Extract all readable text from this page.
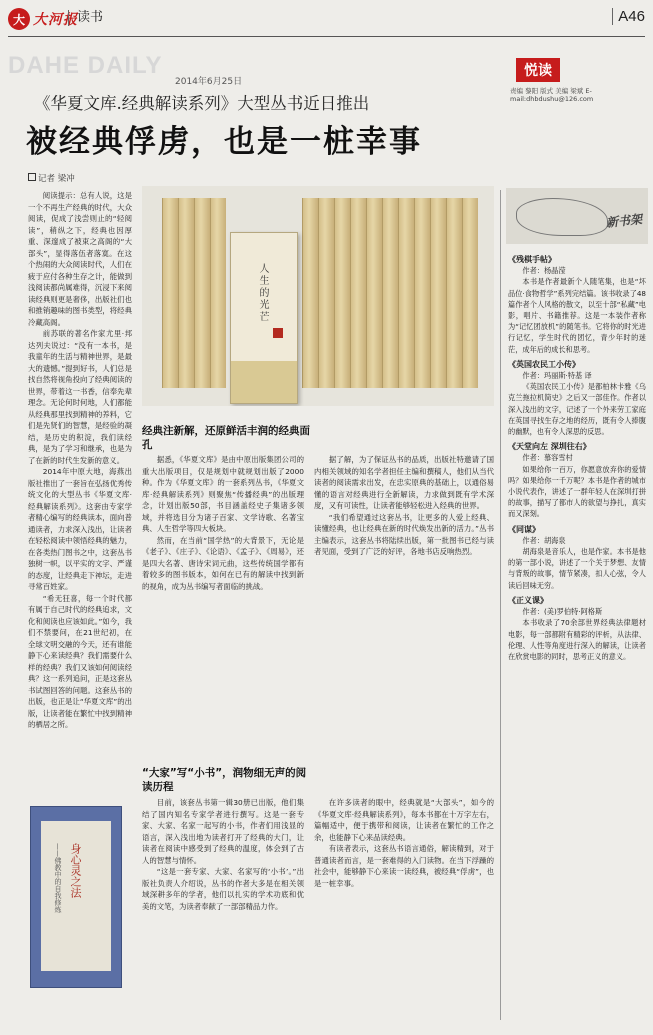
大 大河报 读书	A46
DAHE DAILY
2014年6月25日
悦读
责编 黎阳 版式 美编 梁斌 E-mail:dhbdushu@126.com
《华夏文库.经典解读系列》大型丛书近日推出
被经典俘虏，也是一桩幸事
记者 梁冲

阅读提示：总有人说，这是一个不再生产经典的时代，大众阅读，促成了浅尝则止的“轻阅读”，稍纵之下，经典也因厚重、深邃成了被束之高阁的“大部头”，显得落伍者落寞。在这个热闹的大众阅读时代，人们在疲于应付各种生存之计，能做到浅阅读都尚属难得，沉浸下来阅读经典则更是奢侈，出版社们也和推销趣味的图书类型，将经典冷藏高阁。

前苏联的著名作家尤里·邦达列夫说过：“没有一本书，是我童年的生活与精神世界，是最大的遗憾。”提到好书，人们总是找自然将视角投向了经典阅读的世界，带着这一书香，信奉先辈理念。无论何时何地，人们都能从经典那里找到精神的养料，它们是先贤们的智慧，是经验的凝结，是历史的积淀，我们读经典，是为了学习和继承，也是为了在新的时代生发新的意义。

2014年中原大地，海燕出版社推出了一套旨在弘扬优秀传统文化的大型丛书《华夏文库·经典解读系列》。这套由专家学者精心编写的经典读本，面向普通读者，力求深入浅出，让读者在轻松阅读中领悟经典的魅力，在各类热门图书之中，这套丛书独树一帜，以平实的文字、严谨的态度，让经典走下神坛，走进寻常百姓家。

“希无狂喜，每一个时代都有属于自己时代的经典追求，文化和阅读也应该如此。”如今，我们不禁要问，在21世纪初，在全球文明交融的今天，还有谁能静下心来读经典？我们需要什么样的经典？我们又该如何阅读经典？这一系列追问，正是这套丛书试图回答的问题。这套丛书的出版，也正是让“华夏文库”的出版，让读者能在繁忙中找到精神的栖居之所。

人生的光芒
经典注新解，还原鲜活丰润的经典面孔

据悉，《华夏文库》是由中原出版集团公司的重大出版项目，仅是规划中就规划出版了2000种。作为《华夏文库》的一套系列丛书，《华夏文库·经典解读系列》则聚焦“传播经典”的出版理念，计划出版50部，书目涵盖经史子集诸多领域，并将选目分为诸子百家、文学诗歌、名著宝典、人生哲学等四大板块。

然而，在当前“国学热”的大背景下，无论是《老子》、《庄子》、《论语》、《孟子》、《周易》，还是四大名著、唐诗宋词元曲，这些传统国学都有着较多的图书版本，如何在已有的解读中找到新的视角，成为丛书编写者面临的挑战。

据了解，为了保证丛书的品质，出版社特邀请了国内相关领域的知名学者担任主编和撰稿人，他们从当代读者的阅读需求出发，在忠实原典的基础上，以通俗易懂的语言对经典进行全新解读，力求做到既有学术深度，又有可读性，让读者能够轻松进入经典的世界。

“我们希望通过这套丛书，让更多的人爱上经典、读懂经典，也让经典在新的时代焕发出新的活力。”丛书主编表示，这套丛书将陆续出版，第一批图书已经与读者见面，受到了广泛的好评，各地书店反响热烈。

“大家”写“小书”，润物细无声的阅读历程

目前，该套丛书第一辑30册已出版，他们集结了国内知名专家学者进行撰写。这是一套专家、大家、名家一起写的小书，作者们用浅显的语言，深入浅出地为读者打开了经典的大门，让读者在阅读中感受到了经典的温度，体会到了古人的智慧与情怀。

“这是一套专家、大家、名家写的‘小书’。”出版社负责人介绍说，丛书的作者大多是在相关领域深耕多年的学者，他们以扎实的学术功底和优美的文笔，为读者奉献了一部部精品力作。

在许多读者的眼中，经典就是“大部头”，如今的《华夏文库·经典解读系列》，每本书都在十万字左右，篇幅适中，便于携带和阅读，让读者在繁忙的工作之余，也能静下心来品读经典。

有读者表示，这套丛书语言通俗，解读精到，对于普通读者而言，是一套难得的入门读物。在当下浮躁的社会中，能够静下心来读一读经典，被经典“俘虏”，也是一桩幸事。

身心灵之法
——佛教中的自我修炼
新书架
《残棋手帖》
作者：杨晶滢

本书是作者最新个人随笔集，也是“坏品位·食物哲学”系列完结篇。该书收录了48篇作者个人风格的散文，以至十部“私藏”电影，唱片、书籍推荐。这是一本装作者称为“记忆团放机”的随笔书。它将你的时光进行记忆，学生时代的团忆，青少年时的迷茫，成年后的成长和思考。

《英国农民工小传》
作者：玛丽斯·特基 译

《英国农民工小传》是都柏林卡雅《乌克兰拖拉机简史》之后又一部佳作。作者以深入浅出的文字，记述了一个外来劳工家庭在英国寻找生存之地的经历，既有令人捧腹的幽默，也有令人深思的反思。

《天堂向左 深圳往右》
作者：慕容雪村

如果给你一百万，你愿意放弃你的爱情吗？如果给你一千万呢？本书是作者的城市小说代表作，讲述了一群年轻人在深圳打拼的故事，描写了都市人的欲望与挣扎，真实而又深刻。

《同谋》
作者：胡海泉

胡海泉是音乐人，也是作家。本书是他的第一部小说，讲述了一个关于梦想、友情与背叛的故事，情节紧凑，扣人心弦，令人读后回味无穷。

《正义课》
作者：(美)罗伯特·阿格斯

本书收录了70余部世界经典法律题材电影，每一部都附有精彩的评析，从法律、伦理、人性等角度进行深入的解读，让读者在欣赏电影的同时，思考正义的意义。
